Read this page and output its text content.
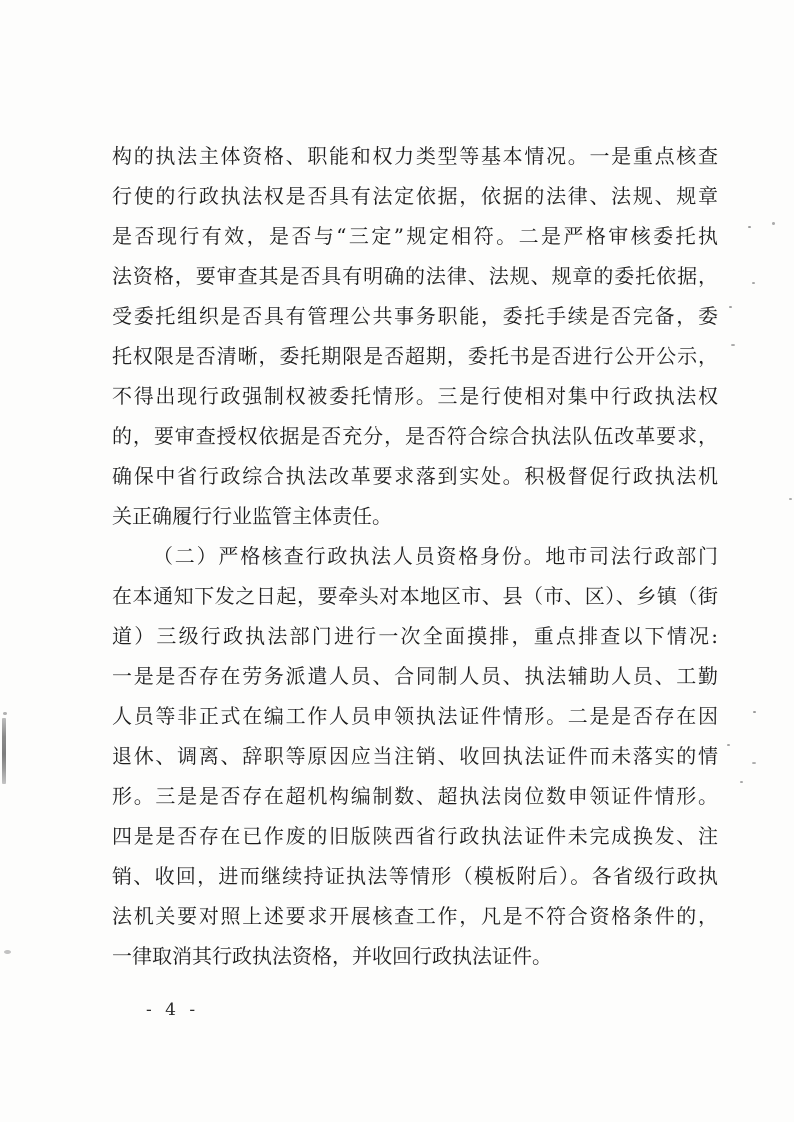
构的执法主体资格、职能和权力类型等基本情况。一是重点核查
行使的行政执法权是否具有法定依据，依据的法律、法规、规章
是否现行有效，是否与“三定”规定相符。二是严格审核委托执
法资格，要审查其是否具有明确的法律、法规、规章的委托依据，
受委托组织是否具有管理公共事务职能，委托手续是否完备，委
托权限是否清晰，委托期限是否超期，委托书是否进行公开公示，
不得出现行政强制权被委托情形。三是行使相对集中行政执法权
的，要审查授权依据是否充分，是否符合综合执法队伍改革要求，
确保中省行政综合执法改革要求落到实处。积极督促行政执法机
关正确履行行业监管主体责任。
（二）严格核查行政执法人员资格身份。地市司法行政部门
在本通知下发之日起，要牵头对本地区市、县（市、区）、乡镇（街
道）三级行政执法部门进行一次全面摸排，重点排查以下情况:
一是是否存在劳务派遣人员、合同制人员、执法辅助人员、工勤
人员等非正式在编工作人员申领执法证件情形。二是是否存在因
退休、调离、辞职等原因应当注销、收回执法证件而未落实的情
形。三是是否存在超机构编制数、超执法岗位数申领证件情形。
四是是否存在已作废的旧版陕西省行政执法证件未完成换发、注
销、收回，进而继续持证执法等情形（模板附后）。各省级行政执
法机关要对照上述要求开展核查工作，凡是不符合资格条件的，
一律取消其行政执法资格，并收回行政执法证件。
- 4 -
